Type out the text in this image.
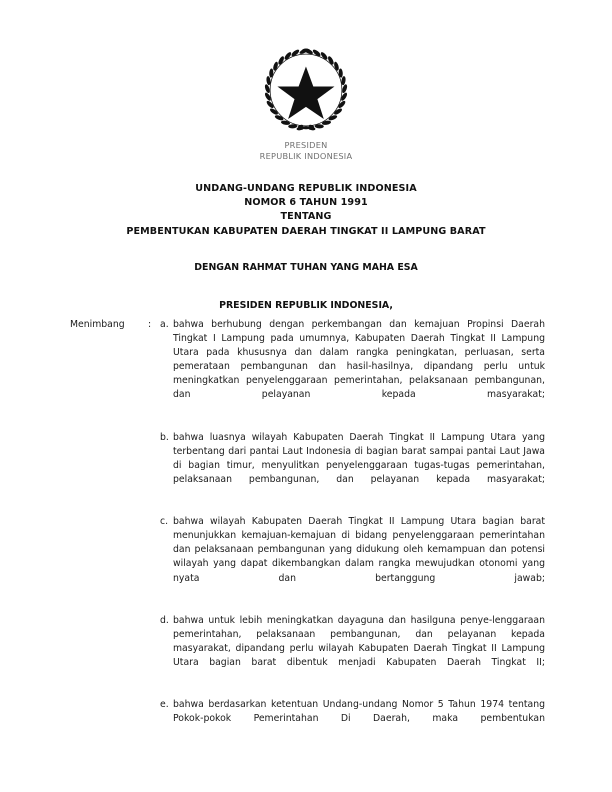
PRESIDEN
REPUBLIK INDONESIA
UNDANG-UNDANG REPUBLIK INDONESIA
NOMOR 6 TAHUN 1991
TENTANG
PEMBENTUKAN KABUPATEN DAERAH TINGKAT II LAMPUNG BARAT
DENGAN RAHMAT TUHAN YANG MAHA ESA
PRESIDEN REPUBLIK INDONESIA,
Menimbang	: a. bahwa berhubung dengan perkembangan dan kemajuan Propinsi Daerah Tingkat I Lampung pada umumnya, Kabupaten Daerah Tingkat II Lampung Utara pada khususnya dan dalam rangka peningkatan, perluasan, serta pemerataan pembangunan dan hasil-hasilnya, dipandang perlu untuk meningkatkan penyelenggaraan pemerintahan, pelaksanaan pembangunan, dan pelayanan kepada masyarakat;
b. bahwa luasnya wilayah Kabupaten Daerah Tingkat II Lampung Utara yang terbentang dari pantai Laut Indonesia di bagian barat sampai pantai Laut Jawa di bagian timur, menyulitkan penyelenggaraan tugas-tugas pemerintahan, pelaksanaan pembangunan, dan pelayanan kepada masyarakat;
c. bahwa wilayah Kabupaten Daerah Tingkat II Lampung Utara bagian barat menunjukkan kemajuan-kemajuan di bidang penyelenggaraan pemerintahan dan pelaksanaan pembangunan yang didukung oleh kemampuan dan potensi wilayah yang dapat dikembangkan dalam rangka mewujudkan otonomi yang nyata dan bertanggung jawab;
d. bahwa untuk lebih meningkatkan dayaguna dan hasilguna penye-lenggaraan pemerintahan, pelaksanaan pembangunan, dan pelayanan kepada masyarakat, dipandang perlu wilayah Kabupaten Daerah Tingkat II Lampung Utara bagian barat dibentuk menjadi Kabupaten Daerah Tingkat II;
e. bahwa berdasarkan ketentuan Undang-undang Nomor 5 Tahun 1974 tentang Pokok-pokok Pemerintahan Di Daerah, maka pembentukan
